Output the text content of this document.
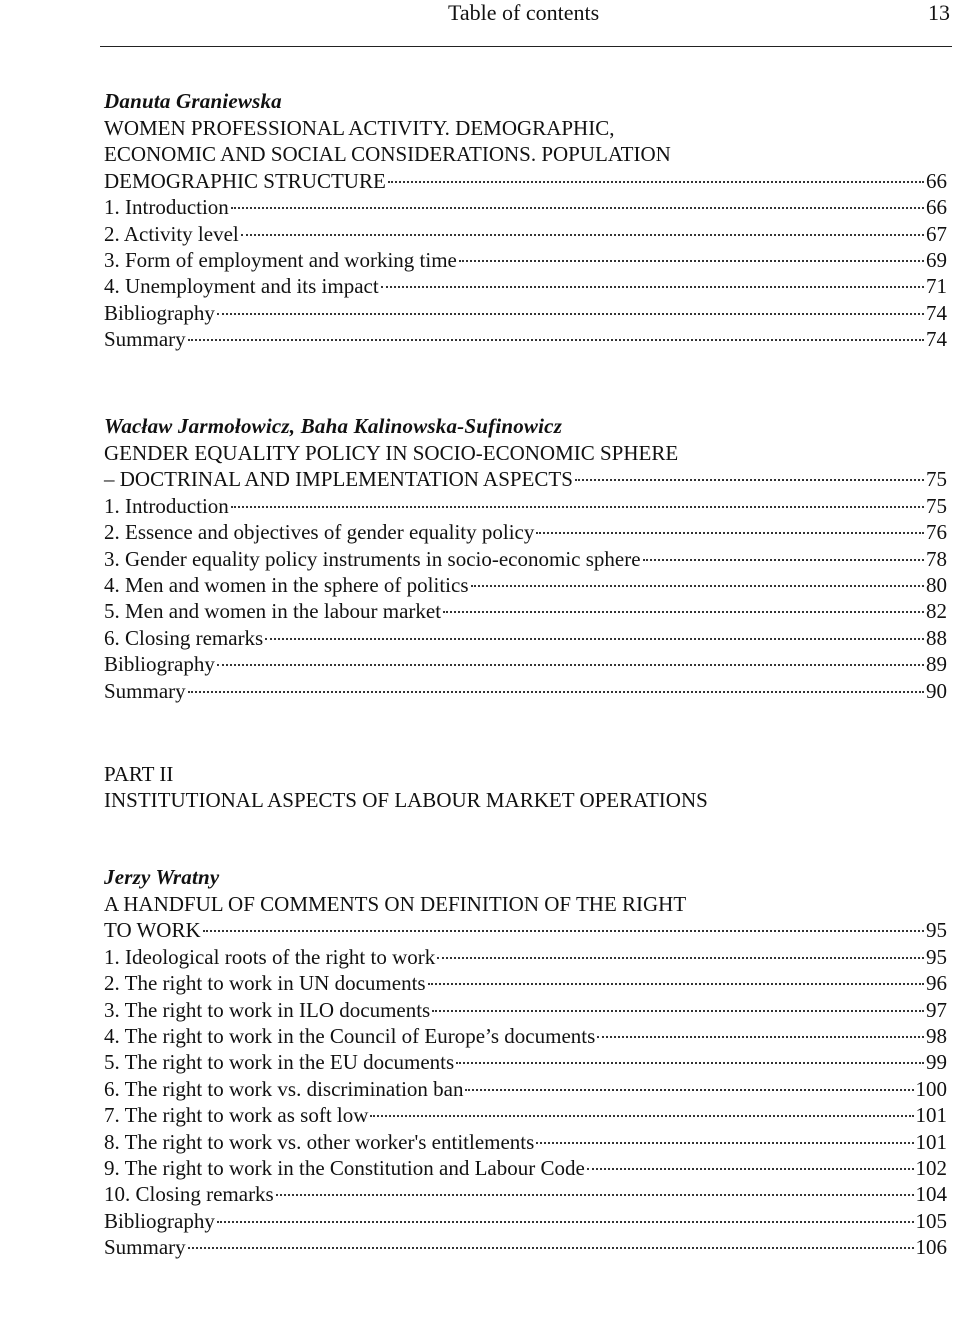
Table of contents	13
Danuta Graniewska
WOMEN PROFESSIONAL ACTIVITY. DEMOGRAPHIC,
ECONOMIC AND SOCIAL CONSIDERATIONS. POPULATION
DEMOGRAPHIC STRUCTURE	66
1. Introduction	66
2. Activity level	67
3. Form of employment and working time	69
4. Unemployment and its impact	71
Bibliography	74
Summary	74
Wacław Jarmołowicz, Baha Kalinowska-Sufinowicz
GENDER EQUALITY POLICY IN SOCIO-ECONOMIC SPHERE
– DOCTRINAL AND IMPLEMENTATION ASPECTS	75
1. Introduction	75
2. Essence and objectives of gender equality policy	76
3. Gender equality policy instruments in socio-economic sphere	78
4. Men and women in the sphere of politics	80
5. Men and women in the labour market	82
6. Closing remarks	88
Bibliography	89
Summary	90
PART II
INSTITUTIONAL ASPECTS OF LABOUR MARKET OPERATIONS
Jerzy Wratny
A HANDFUL OF COMMENTS ON DEFINITION OF THE RIGHT
TO WORK	95
1. Ideological roots of the right to work	95
2. The right to work in UN documents	96
3. The right to work in ILO documents	97
4. The right to work in the Council of Europe’s documents	98
5. The right to work in the EU documents	99
6. The right to work vs. discrimination ban	100
7. The right to work as soft low	101
8. The right to work vs. other worker's entitlements	101
9. The right to work in the Constitution and Labour Code	102
10. Closing remarks	104
Bibliography	105
Summary	106
